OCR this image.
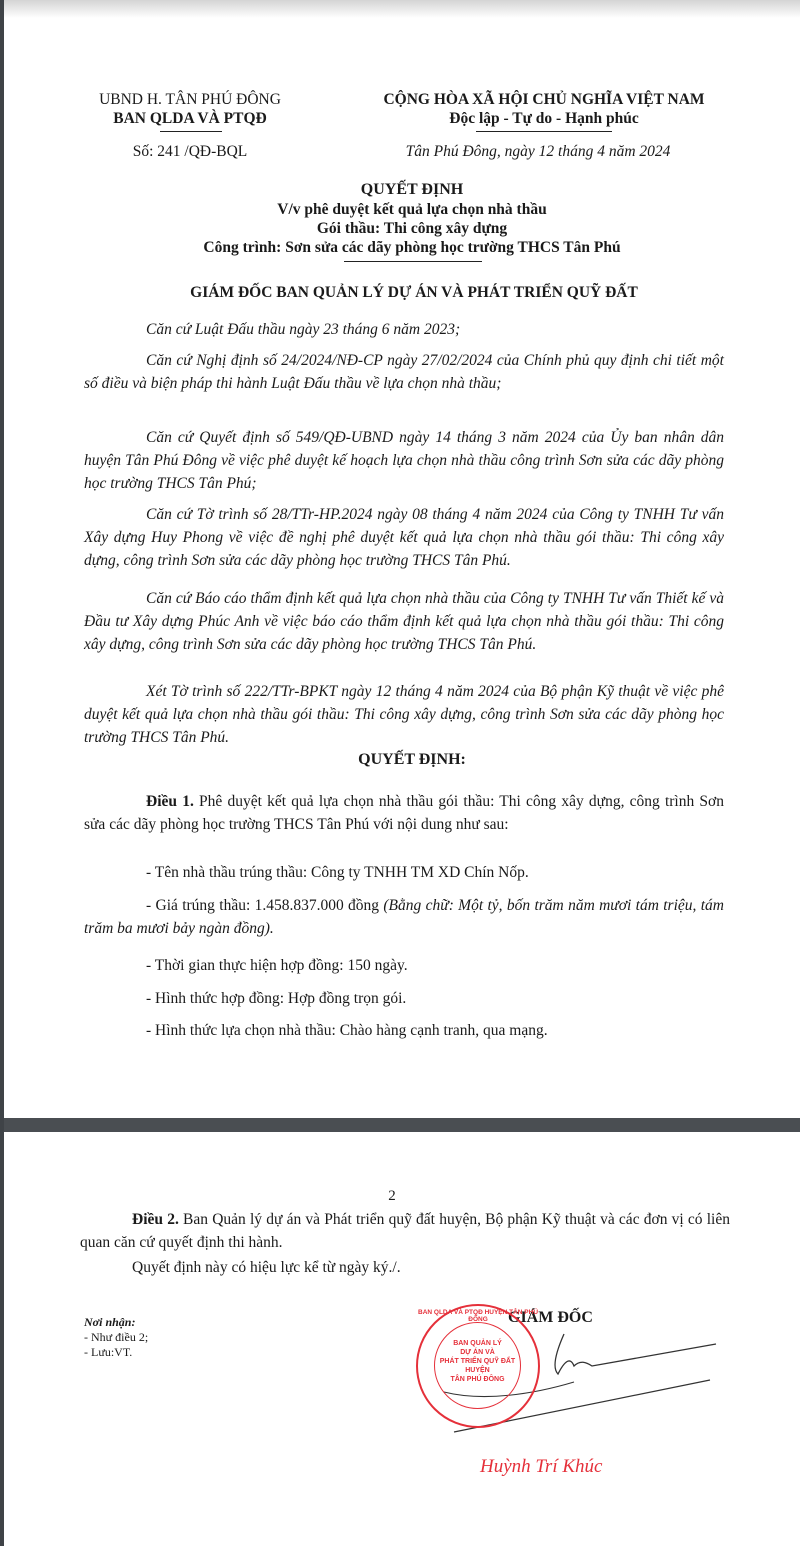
UBND H. TÂN PHÚ ĐÔNG
BAN QLDA VÀ PTQĐ
Số: 241 /QĐ-BQL
CỘNG HÒA XÃ HỘI CHỦ NGHĨA VIỆT NAM
Độc lập - Tự do - Hạnh phúc
Tân Phú Đông, ngày 12 tháng 4 năm 2024
QUYẾT ĐỊNH
V/v phê duyệt kết quả lựa chọn nhà thầu
Gói thầu: Thi công xây dựng
Công trình: Sơn sửa các dãy phòng học trường THCS Tân Phú
GIÁM ĐỐC BAN QUẢN LÝ DỰ ÁN VÀ PHÁT TRIỂN QUỸ ĐẤT
Căn cứ Luật Đấu thầu ngày 23 tháng 6 năm 2023;
Căn cứ Nghị định số 24/2024/NĐ-CP ngày 27/02/2024 của Chính phủ quy định chi tiết một số điều và biện pháp thi hành Luật Đấu thầu về lựa chọn nhà thầu;
Căn cứ Quyết định số 549/QĐ-UBND ngày 14 tháng 3 năm 2024 của Ủy ban nhân dân huyện Tân Phú Đông về việc phê duyệt kế hoạch lựa chọn nhà thầu công trình Sơn sửa các dãy phòng học trường THCS Tân Phú;
Căn cứ Tờ trình số 28/TTr-HP.2024 ngày 08 tháng 4 năm 2024 của Công ty TNHH Tư vấn Xây dựng Huy Phong về việc đề nghị phê duyệt kết quả lựa chọn nhà thầu gói thầu: Thi công xây dựng, công trình Sơn sửa các dãy phòng học trường THCS Tân Phú.
Căn cứ Báo cáo thẩm định kết quả lựa chọn nhà thầu của Công ty TNHH Tư vấn Thiết kế và Đầu tư Xây dựng Phúc Anh về việc báo cáo thẩm định kết quả lựa chọn nhà thầu gói thầu: Thi công xây dựng, công trình Sơn sửa các dãy phòng học trường THCS Tân Phú.
Xét Tờ trình số 222/TTr-BPKT ngày 12 tháng 4 năm 2024 của Bộ phận Kỹ thuật về việc phê duyệt kết quả lựa chọn nhà thầu gói thầu: Thi công xây dựng, công trình Sơn sửa các dãy phòng học trường THCS Tân Phú.
QUYẾT ĐỊNH:
Điều 1. Phê duyệt kết quả lựa chọn nhà thầu gói thầu: Thi công xây dựng, công trình Sơn sửa các dãy phòng học trường THCS Tân Phú với nội dung như sau:
- Tên nhà thầu trúng thầu: Công ty TNHH TM XD Chín Nốp.
- Giá trúng thầu: 1.458.837.000 đồng (Bằng chữ: Một tỷ, bốn trăm năm mươi tám triệu, tám trăm ba mươi bảy ngàn đồng).
- Thời gian thực hiện hợp đồng: 150 ngày.
- Hình thức hợp đồng: Hợp đồng trọn gói.
- Hình thức lựa chọn nhà thầu: Chào hàng cạnh tranh, qua mạng.
2
Điều 2. Ban Quản lý dự án và Phát triển quỹ đất huyện, Bộ phận Kỹ thuật và các đơn vị có liên quan căn cứ quyết định thi hành.
Quyết định này có hiệu lực kể từ ngày ký./.
Nơi nhận:
- Như điều 2;
- Lưu:VT.
GIÁM ĐỐC
BAN QLDA VÀ PTQĐ HUYỆN TÂN PHÚ ĐÔNG
BAN QUẢN LÝ
DỰ ÁN VÀ
PHÁT TRIỂN QUỸ ĐẤT
HUYỆN
TÂN PHÚ ĐÔNG
Huỳnh Trí Khúc
